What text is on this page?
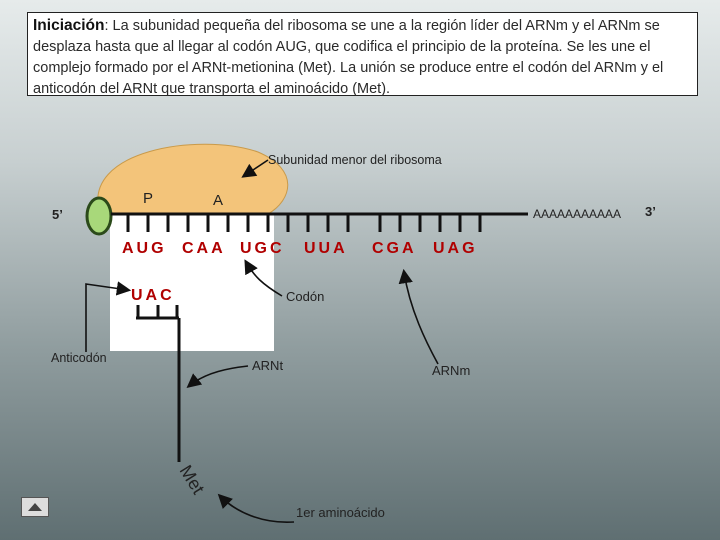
Iniciación: La subunidad pequeña del ribosoma se une a la región líder del ARNm y el ARNm se desplaza hasta que al llegar al codón AUG, que codifica el principio de la proteína. Se les une el complejo formado por el ARNt-metionina (Met). La unión se produce entre el codón del ARNm y el anticodón del ARNt que transporta el aminoácido (Met).
5’	AAAAAAAAAAA 3’
P	A
Subunidad menor del ribosoma
AUG CAA UGC UUA CGA UAG
UAC
Met
Codón
Anticodón	ARNt	ARNm
1er aminoácido
